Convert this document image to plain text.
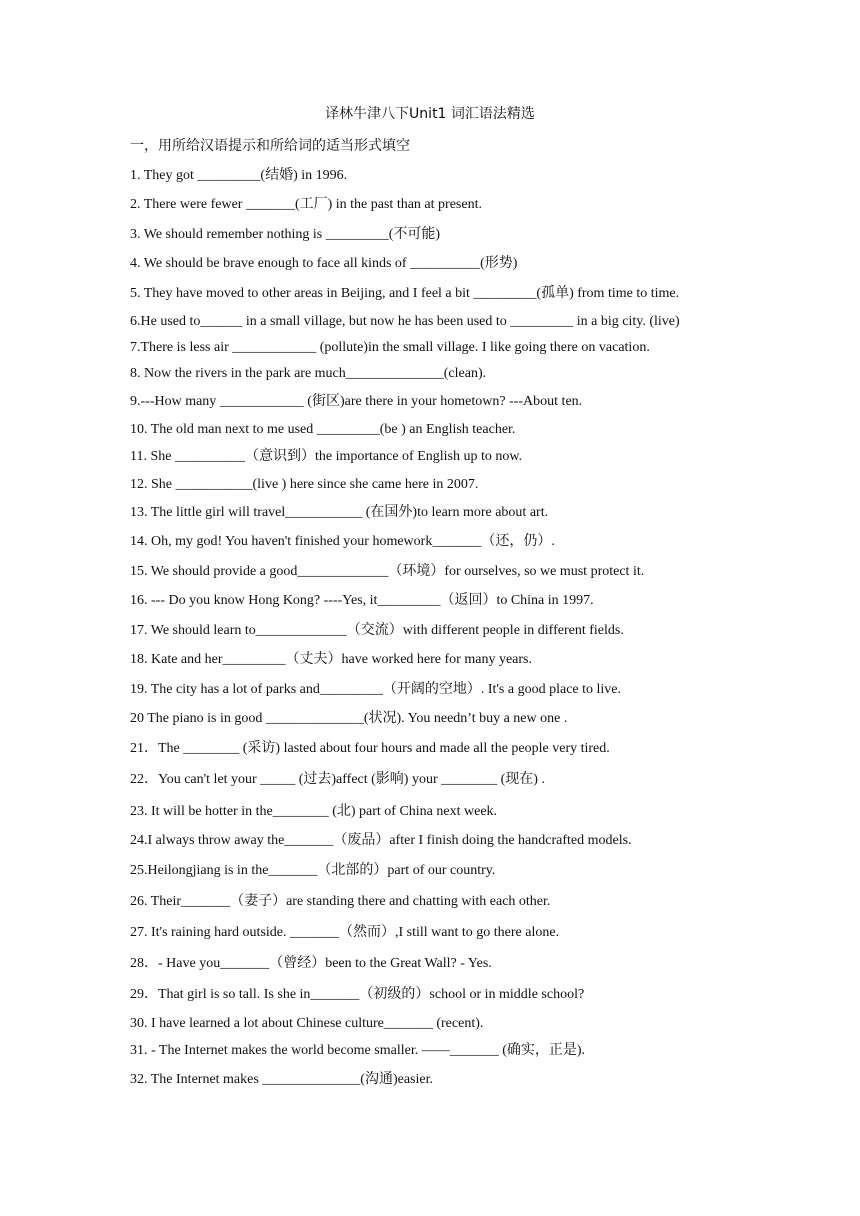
译林牛津八下Unit1 词汇语法精选
一，用所给汉语提示和所给词的适当形式填空
1. They got _________(结婚) in 1996.
2. There were fewer _______(工厂) in the past than at present.
3. We should remember nothing is _________(不可能)
4. We should be brave enough to face all kinds of __________(形势)
5. They have moved to other areas in Beijing, and I feel a bit _________(孤单) from time to time.
6.He used to______ in a small village, but now he has been used to _________ in a big city. (live)
7.There is less air ____________ (pollute)in the small village. I like going there on vacation.
8. Now the rivers in the park are much______________(clean).
9.---How many ____________ (街区)are there in your hometown? ---About ten.
10. The old man next to me used _________(be ) an English teacher.
11. She __________（意识到）the importance of English up to now.
12. She ___________(live ) here since she came here in 2007.
13. The little girl will travel___________ (在国外)to learn more about art.
14. Oh, my god! You haven't finished your homework_______（还，仍）.
15. We should provide a good_____________（环境）for ourselves, so we must protect it.
16. --- Do you know Hong Kong? ----Yes, it_________（返回）to China in 1997.
17. We should learn to_____________（交流）with different people in different fields.
18. Kate and her_________（丈夫）have worked here for many years.
19. The city has a lot of parks and_________（开阔的空地）. It's a good place to live.
20 The piano is in good ______________(状况). You needn’t buy a new one .
21．The ________ (采访) lasted about four hours and made all the people very tired.
22．You can't let your _____ (过去)affect (影响) your ________ (现在) .
23. It will be hotter in the________ (北) part of China next week.
24.I always throw away the_______（废品）after I finish doing the handcrafted models.
25.Heilongjiang is in the_______（北部的）part of our country.
26. Their_______（妻子）are standing there and chatting with each other.
27. It's raining hard outside. _______（然而）,I still want to go there alone.
28．- Have you_______（曾经）been to the Great Wall? - Yes.
29．That girl is so tall. Is she in_______（初级的）school or in middle school?
30. I have learned a lot about Chinese culture_______ (recent).
31. - The Internet makes the world become smaller. ——_______ (确实，正是).
32. The Internet makes ______________(沟通)easier.
